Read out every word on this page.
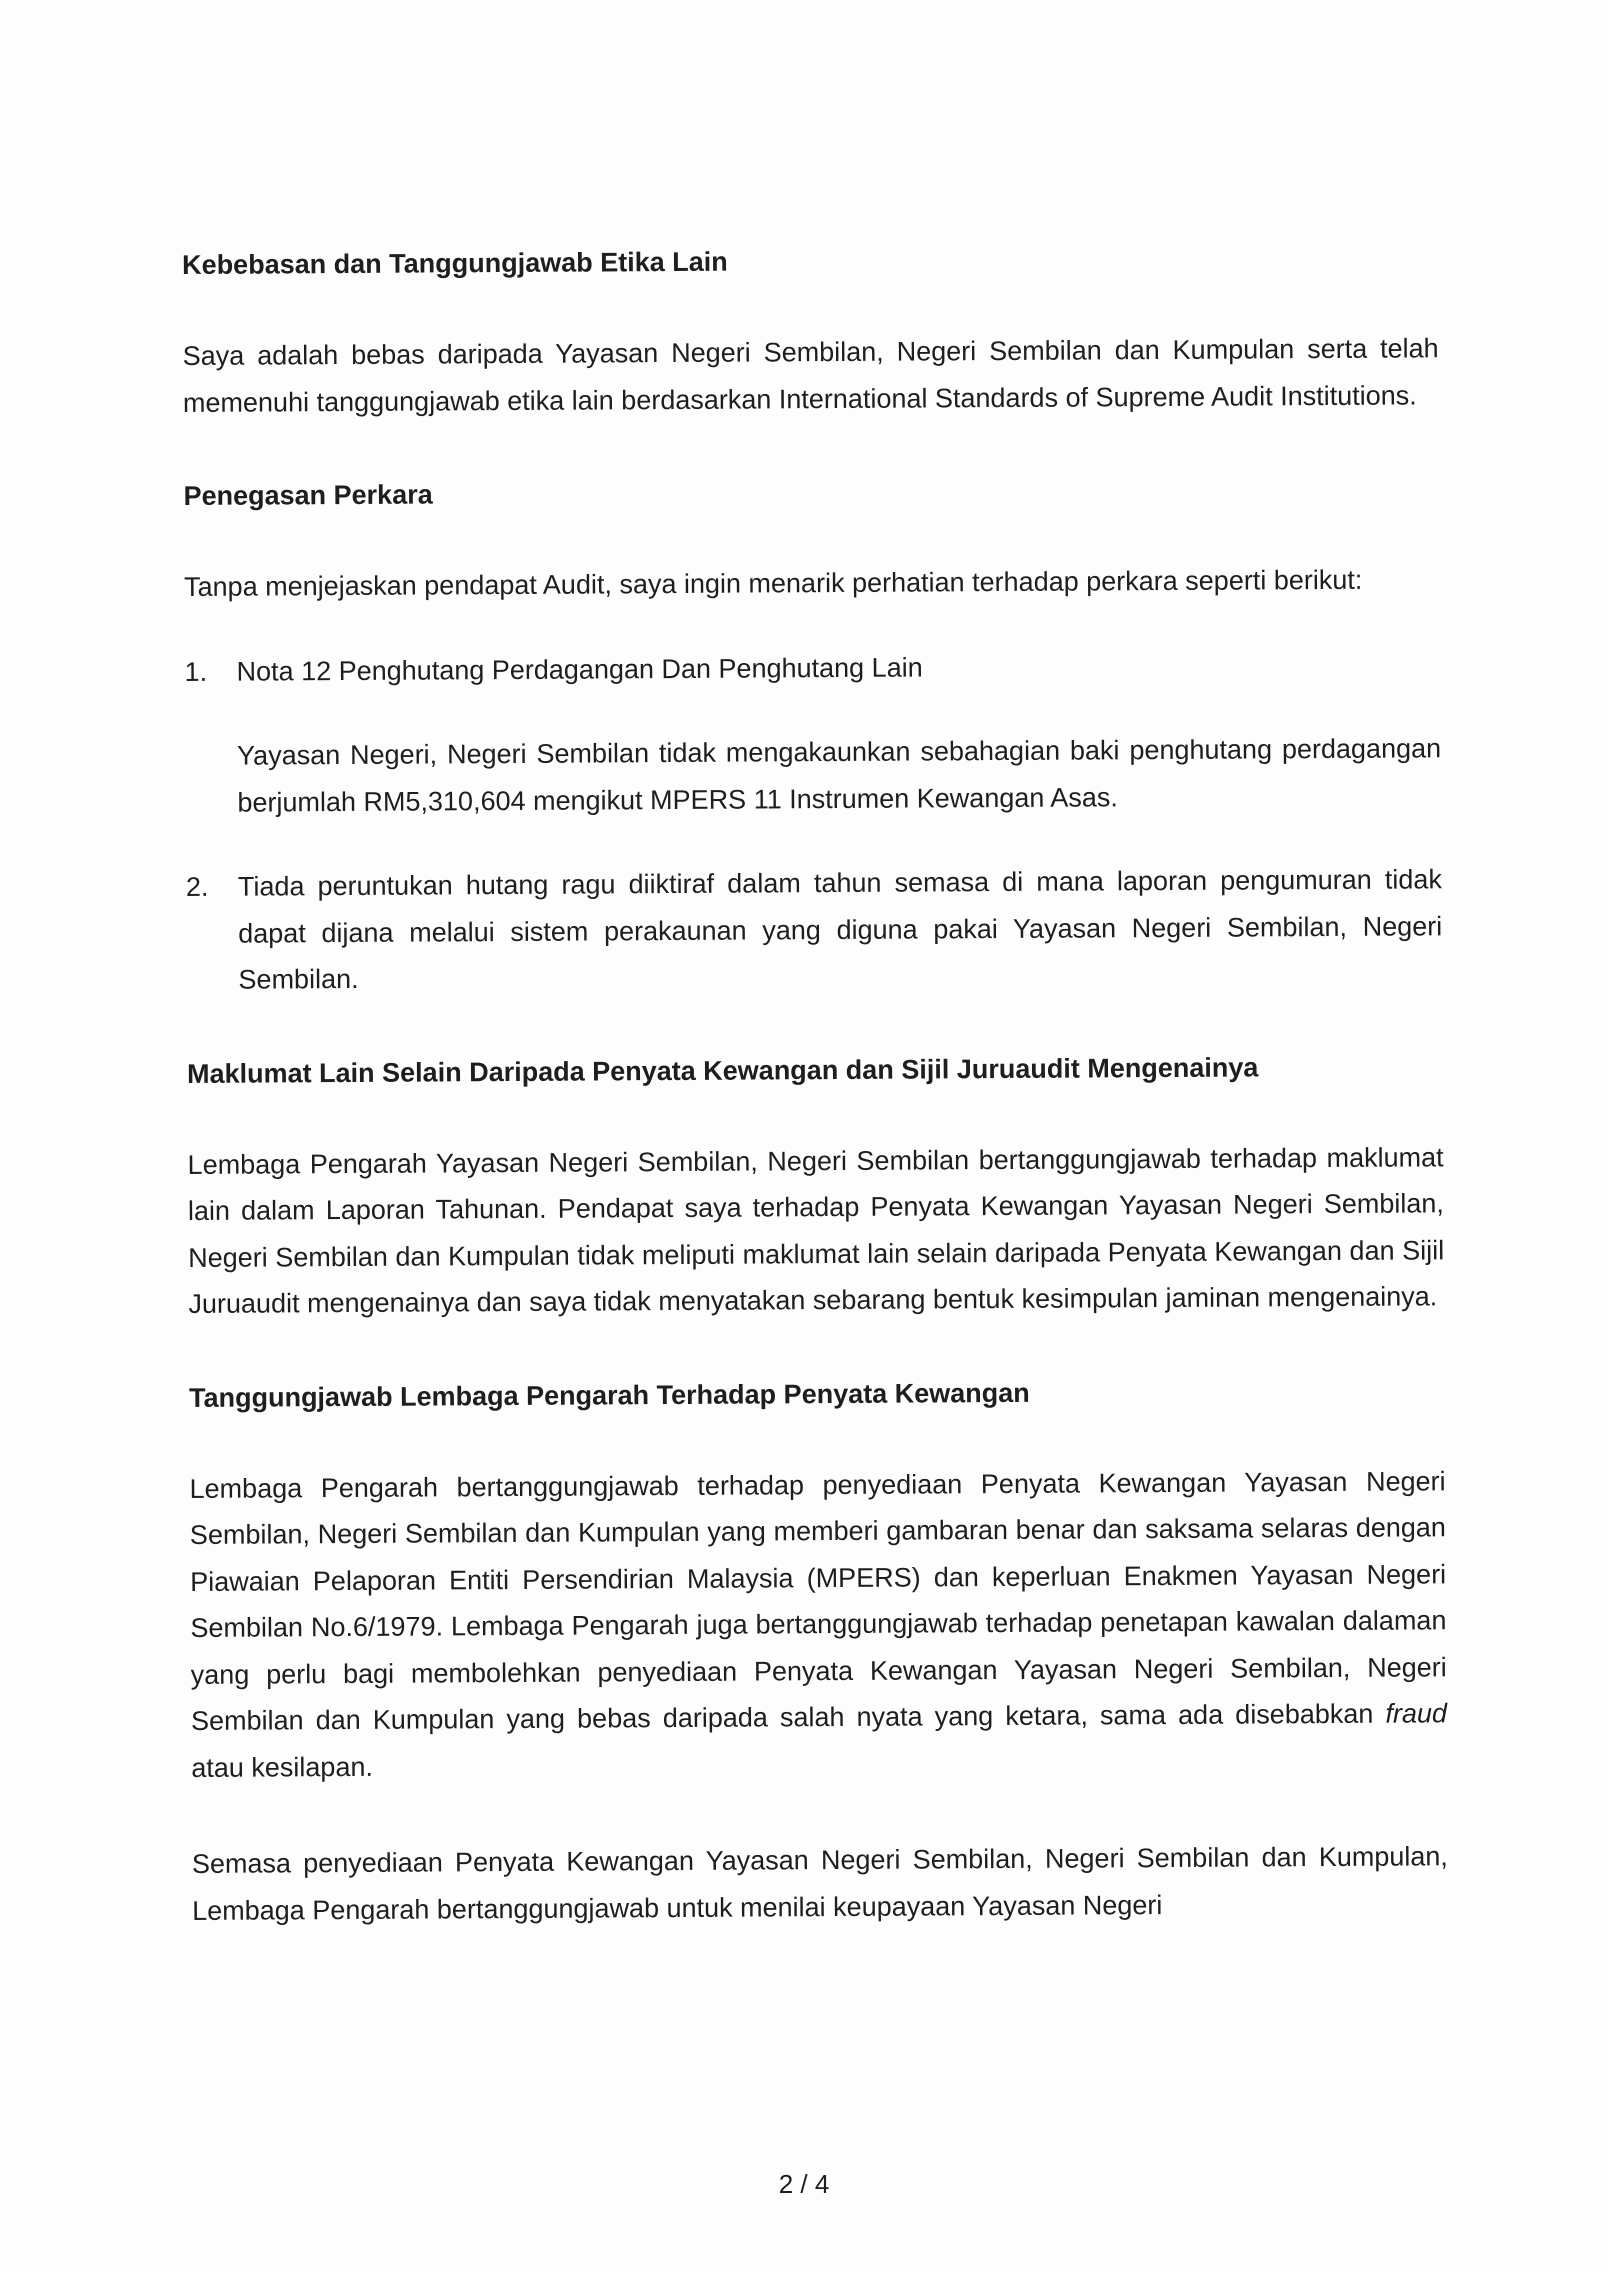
Kebebasan dan Tanggungjawab Etika Lain

Saya adalah bebas daripada Yayasan Negeri Sembilan, Negeri Sembilan dan Kumpulan serta telah memenuhi tanggungjawab etika lain berdasarkan International Standards of Supreme Audit Institutions.

Penegasan Perkara

Tanpa menjejaskan pendapat Audit, saya ingin menarik perhatian terhadap perkara seperti berikut:

1. Nota 12 Penghutang Perdagangan Dan Penghutang Lain

Yayasan Negeri, Negeri Sembilan tidak mengakaunkan sebahagian baki penghutang perdagangan berjumlah RM5,310,604 mengikut MPERS 11 Instrumen Kewangan Asas.

2. Tiada peruntukan hutang ragu diiktiraf dalam tahun semasa di mana laporan pengumuran tidak dapat dijana melalui sistem perakaunan yang diguna pakai Yayasan Negeri Sembilan, Negeri Sembilan.

Maklumat Lain Selain Daripada Penyata Kewangan dan Sijil Juruaudit Mengenainya

Lembaga Pengarah Yayasan Negeri Sembilan, Negeri Sembilan bertanggungjawab terhadap maklumat lain dalam Laporan Tahunan. Pendapat saya terhadap Penyata Kewangan Yayasan Negeri Sembilan, Negeri Sembilan dan Kumpulan tidak meliputi maklumat lain selain daripada Penyata Kewangan dan Sijil Juruaudit mengenainya dan saya tidak menyatakan sebarang bentuk kesimpulan jaminan mengenainya.

Tanggungjawab Lembaga Pengarah Terhadap Penyata Kewangan

Lembaga Pengarah bertanggungjawab terhadap penyediaan Penyata Kewangan Yayasan Negeri Sembilan, Negeri Sembilan dan Kumpulan yang memberi gambaran benar dan saksama selaras dengan Piawaian Pelaporan Entiti Persendirian Malaysia (MPERS) dan keperluan Enakmen Yayasan Negeri Sembilan No.6/1979. Lembaga Pengarah juga bertanggungjawab terhadap penetapan kawalan dalaman yang perlu bagi membolehkan penyediaan Penyata Kewangan Yayasan Negeri Sembilan, Negeri Sembilan dan Kumpulan yang bebas daripada salah nyata yang ketara, sama ada disebabkan fraud atau kesilapan.

Semasa penyediaan Penyata Kewangan Yayasan Negeri Sembilan, Negeri Sembilan dan Kumpulan, Lembaga Pengarah bertanggungjawab untuk menilai keupayaan Yayasan Negeri

2 / 4
